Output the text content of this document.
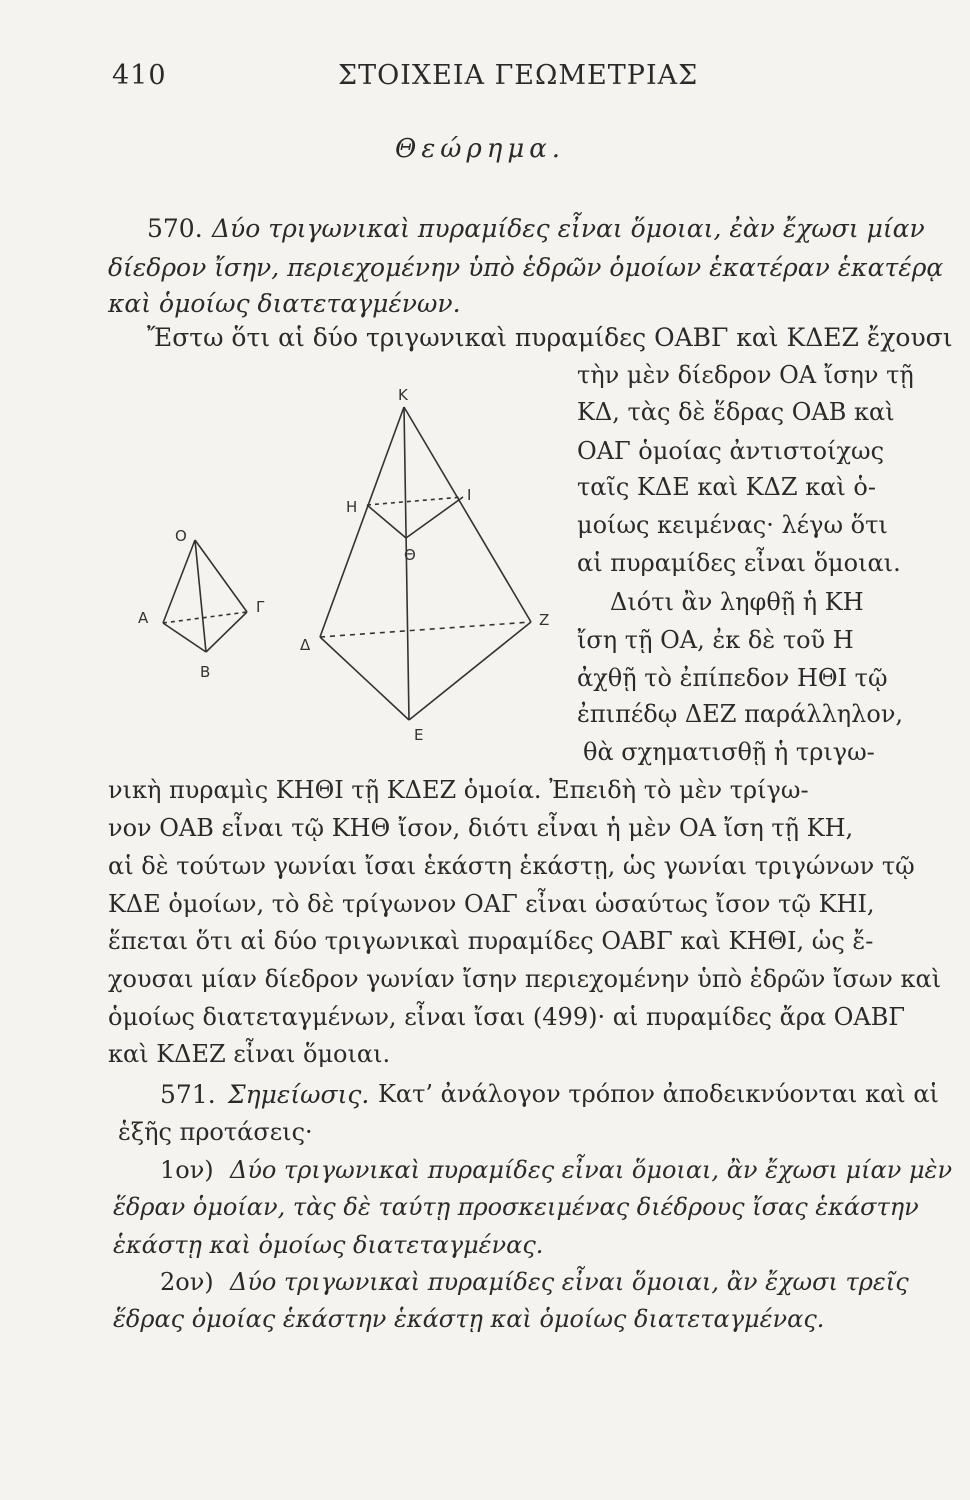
410	ΣΤΟΙΧΕΙΑ ΓΕΩΜΕΤΡΙΑΣ
Θεώρημα.
570. Δύο τριγωνικαὶ πυραμίδες εἶναι ὅμοιαι, ἐὰν ἔχωσι μίαν
δίεδρον ἴσην, περιεχομένην ὑπὸ ἑδρῶν ὁμοίων ἑκατέραν ἑκατέρᾳ
καὶ ὁμοίως διατεταγμένων.
Ἔστω ὅτι αἱ δύο τριγωνικαὶ πυραμίδες ΟΑΒΓ καὶ ΚΔΕΖ ἔχουσι
τὴν μὲν δίεδρον ΟΑ ἴσην τῇ
ΚΔ, τὰς δὲ ἕδρας ΟΑΒ καὶ
ΟΑΓ ὁμοίας ἀντιστοίχως
ταῖς ΚΔΕ καὶ ΚΔΖ καὶ ὁ-
μοίως κειμένας· λέγω ὅτι
αἱ πυραμίδες εἶναι ὅμοιαι.
Διότι ἂν ληφθῇ ἡ ΚΗ
ἴση τῇ ΟΑ, ἐκ δὲ τοῦ Η
ἀχθῇ τὸ ἐπίπεδον ΗΘΙ τῷ
ἐπιπέδῳ ΔΕΖ παράλληλον,
θὰ σχηματισθῇ ἡ τριγω-
νικὴ πυραμὶς ΚΗΘΙ τῇ ΚΔΕΖ ὁμοία. Ἐπειδὴ τὸ μὲν τρίγω-
νον ΟΑΒ εἶναι τῷ ΚΗΘ ἴσον, διότι εἶναι ἡ μὲν ΟΑ ἴση τῇ ΚΗ,
αἱ δὲ τούτων γωνίαι ἴσαι ἑκάστη ἑκάστῃ, ὡς γωνίαι τριγώνων τῷ
ΚΔΕ ὁμοίων, τὸ δὲ τρίγωνον ΟΑΓ εἶναι ὡσαύτως ἴσον τῷ ΚΗΙ,
ἕπεται ὅτι αἱ δύο τριγωνικαὶ πυραμίδες ΟΑΒΓ καὶ ΚΗΘΙ, ὡς ἔ-
χουσαι μίαν δίεδρον γωνίαν ἴσην περιεχομένην ὑπὸ ἑδρῶν ἴσων καὶ
ὁμοίως διατεταγμένων, εἶναι ἴσαι (499)· αἱ πυραμίδες ἄρα ΟΑΒΓ
καὶ ΚΔΕΖ εἶναι ὅμοιαι.
Ο
Α
Β
Γ
Κ
Η
Ι
Θ
Δ
Ζ
Ε
571. Σημείωσις. Κατ’ ἀνάλογον τρόπον ἀποδεικνύονται καὶ αἱ
ἑξῆς προτάσεις·
1ον) Δύο τριγωνικαὶ πυραμίδες εἶναι ὅμοιαι, ἂν ἔχωσι μίαν μὲν
ἕδραν ὁμοίαν, τὰς δὲ ταύτῃ προσκειμένας διέδρους ἴσας ἑκάστην
ἑκάστῃ καὶ ὁμοίως διατεταγμένας.
2ον) Δύο τριγωνικαὶ πυραμίδες εἶναι ὅμοιαι, ἂν ἔχωσι τρεῖς
ἕδρας ὁμοίας ἑκάστην ἑκάστῃ καὶ ὁμοίως διατεταγμένας.
